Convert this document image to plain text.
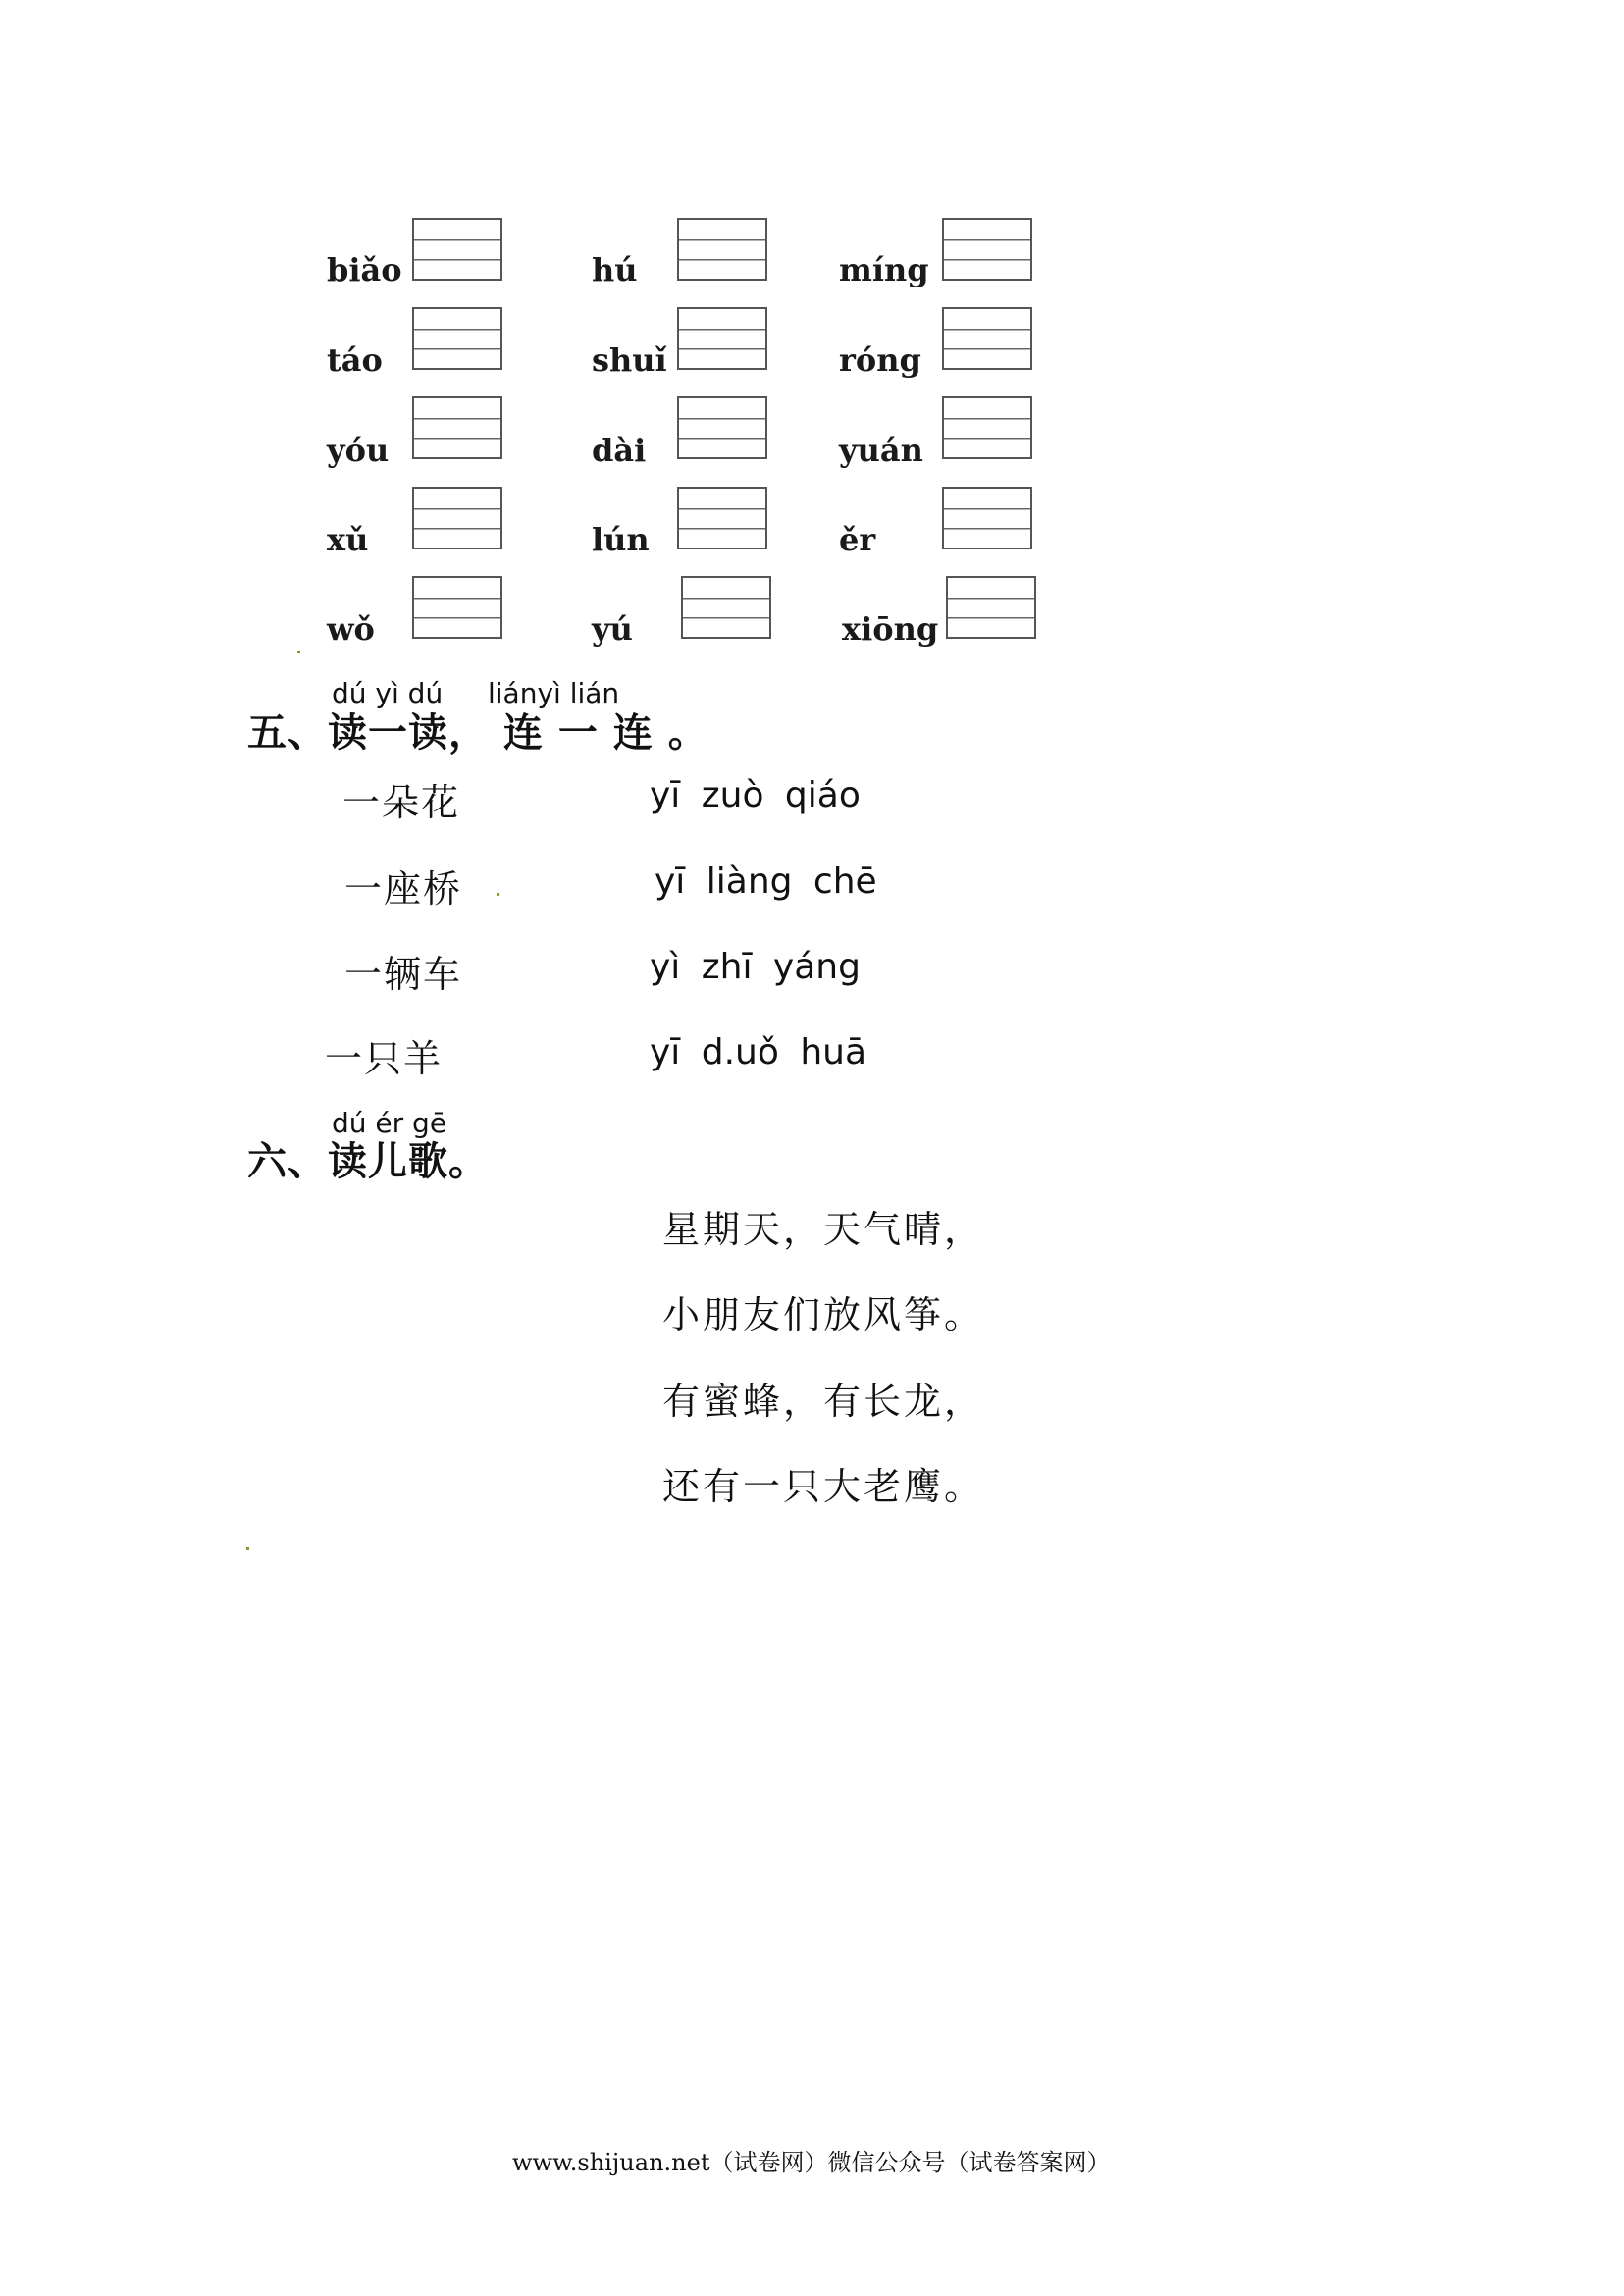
biǎo	hú	míng
táo	shuǐ	róng
yóu	dài	yuán
xǔ	lún	ěr
wǒ	yú	xiōng
dú yì dú liányì lián
五、读一读， 连 一 连 。
一朵花
一座桥
一辆车
一只羊
yī zuò qiáo
yī liàng chē
yì zhī yáng
yī d.uǒ huā
dú ér gē
六、读儿歌。
星期天，天气晴，
小朋友们放风筝。
有蜜蜂，有长龙，
还有一只大老鹰。
www.shijuan.net（试卷网）微信公众号（试卷答案网）
